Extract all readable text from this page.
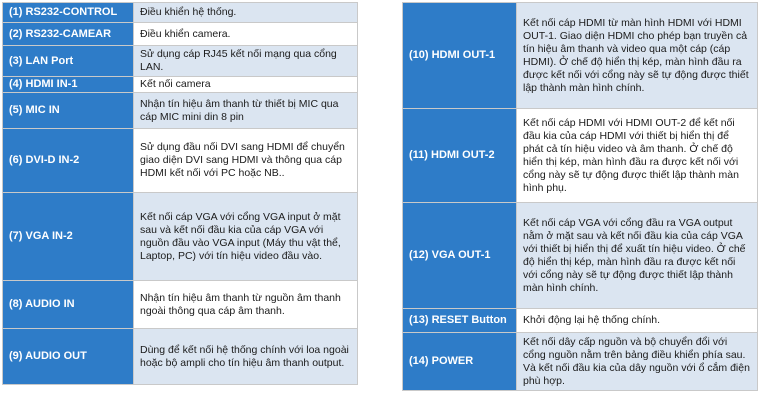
(1) RS232-CONTROL	Điều khiển hệ thống.
(2) RS232-CAMEAR	Điều khiển camera.
(3) LAN Port	Sử dụng cáp RJ45 kết nối mạng qua cổng LAN.
(4) HDMI IN-1	Kết nối camera
(5) MIC IN	Nhận tín hiệu âm thanh từ thiết bị MIC qua cáp MIC mini din 8 pin
(6) DVI-D IN-2	Sử dụng đầu nối DVI sang HDMI để chuyển giao diện DVI sang HDMI và thông qua cáp HDMI kết nối với PC hoặc NB..
(7) VGA IN-2	Kết nối cáp VGA với cổng VGA input ở mặt sau và kết nối đầu kia của cáp VGA với nguồn đầu vào VGA input (Máy thu vật thể, Laptop, PC) với tín hiệu video đầu vào.
(8) AUDIO IN	Nhận tín hiệu âm thanh từ nguồn âm thanh ngoài thông qua cáp âm thanh.
(9) AUDIO OUT	Dùng để kết nối hệ thống chính với loa ngoài hoặc bộ ampli cho tín hiệu âm thanh output.
(10) HDMI OUT-1	Kết nối cáp HDMI từ màn hình HDMI với HDMI OUT-1. Giao diện HDMI cho phép bạn truyền cả tín hiệu âm thanh và video qua một cáp (cáp HDMI). Ở chế độ hiển thị kép, màn hình đầu ra được kết nối với cổng này sẽ tự động được thiết lập thành màn hình chính.
(11) HDMI OUT-2	Kết nối cáp HDMI với HDMI OUT-2 để kết nối đầu kia của cáp HDMI với thiết bị hiển thị để phát cả tín hiệu video và âm thanh. Ở chế độ hiển thị kép, màn hình đầu ra được kết nối với cổng này sẽ tự động được thiết lập thành màn hình phụ.
(12) VGA OUT-1	Kết nối cáp VGA với cổng đầu ra VGA output nằm ở mặt sau và kết nối đầu kia của cáp VGA với thiết bị hiển thị để xuất tín hiệu video. Ở chế độ hiển thị kép, màn hình đầu ra được kết nối với cổng này sẽ tự động được thiết lập thành màn hình chính.
(13) RESET Button	Khởi động lại hệ thống chính.
(14) POWER	Kết nối dây cấp nguồn và bộ chuyển đổi với cổng nguồn nằm trên bảng điều khiển phía sau. Và kết nối đầu kia của dây nguồn với ổ cắm điện phù hợp.
